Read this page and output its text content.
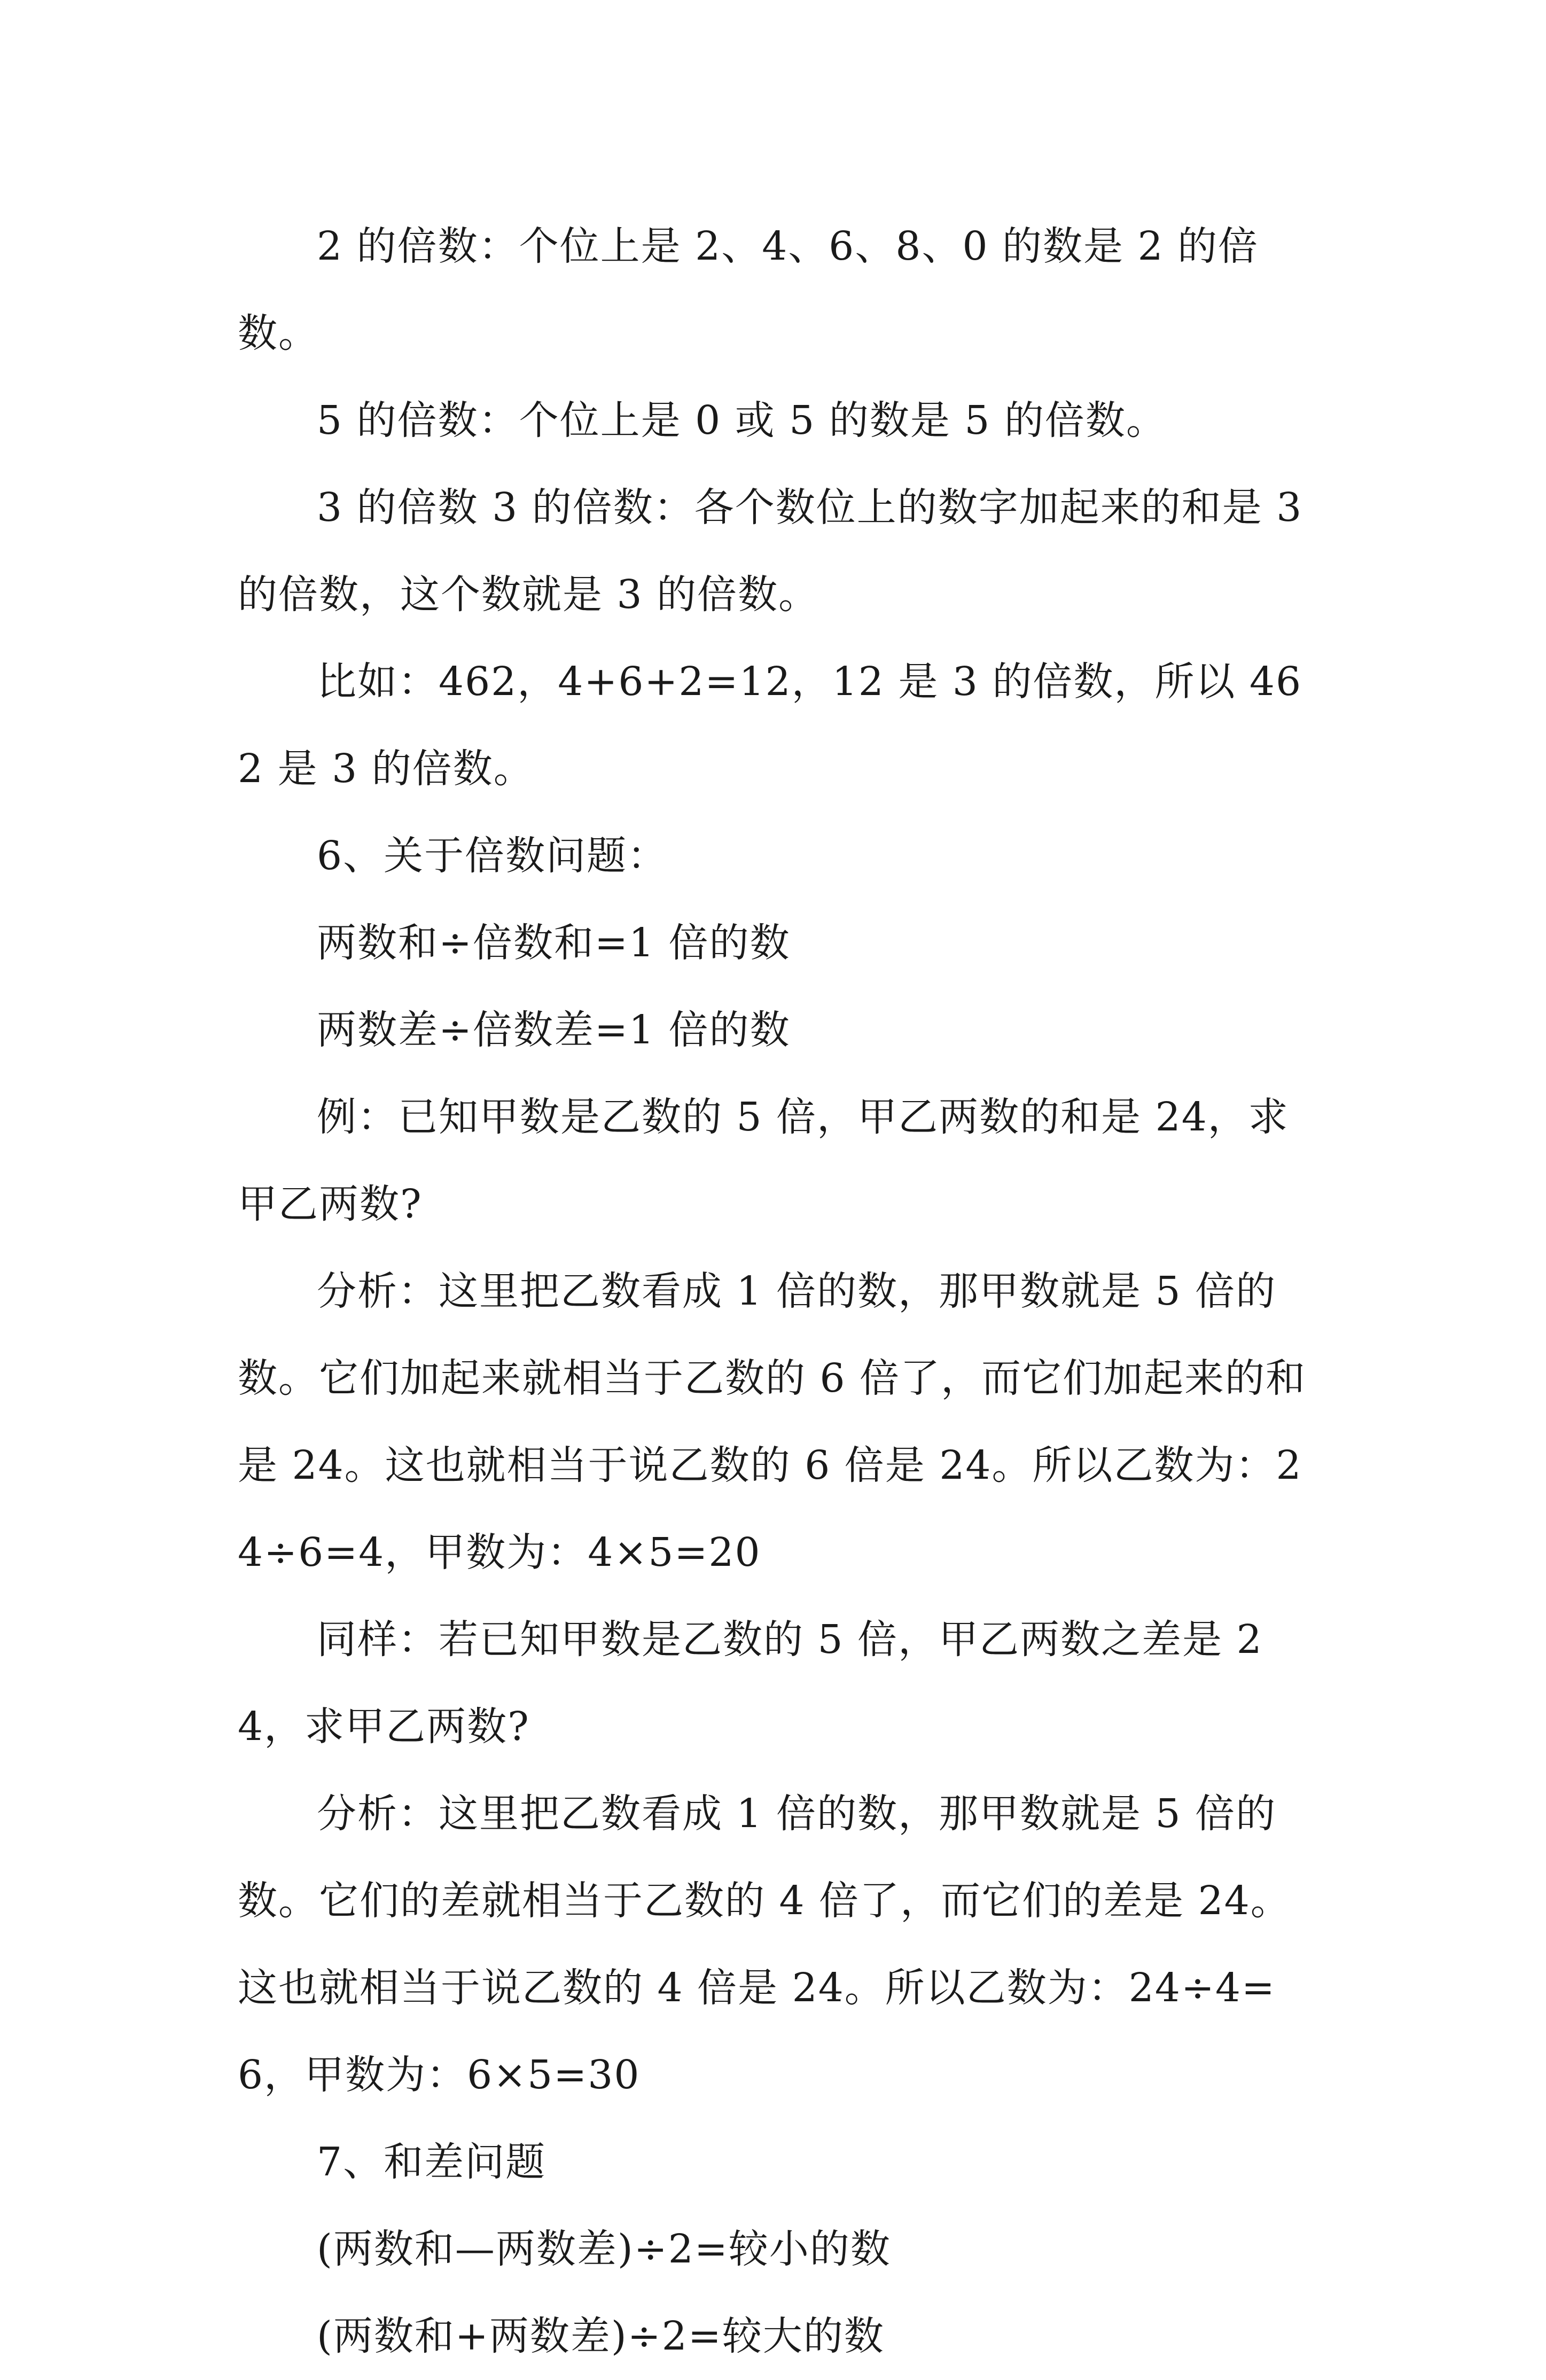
2 的倍数：个位上是 2、4、6、8、0 的数是 2 的倍数。

5 的倍数：个位上是 0 或 5 的数是 5 的倍数。

3 的倍数 3 的倍数：各个数位上的数字加起来的和是 3 的倍数，这个数就是 3 的倍数。

比如：462，4+6+2=12，12 是 3 的倍数，所以 462 是 3 的倍数。

6、关于倍数问题：

两数和÷倍数和=1 倍的数

两数差÷倍数差=1 倍的数

例：已知甲数是乙数的 5 倍，甲乙两数的和是 24，求甲乙两数?

分析：这里把乙数看成 1 倍的数，那甲数就是 5 倍的数。它们加起来就相当于乙数的 6 倍了，而它们加起来的和是 24。这也就相当于说乙数的 6 倍是 24。所以乙数为：24÷6=4，甲数为：4×5=20

同样：若已知甲数是乙数的 5 倍，甲乙两数之差是 24，求甲乙两数?

分析：这里把乙数看成 1 倍的数，那甲数就是 5 倍的数。它们的差就相当于乙数的 4 倍了，而它们的差是 24。这也就相当于说乙数的 4 倍是 24。所以乙数为：24÷4=6，甲数为：6×5=30

7、和差问题

(两数和—两数差)÷2=较小的数

(两数和+两数差)÷2=较大的数
